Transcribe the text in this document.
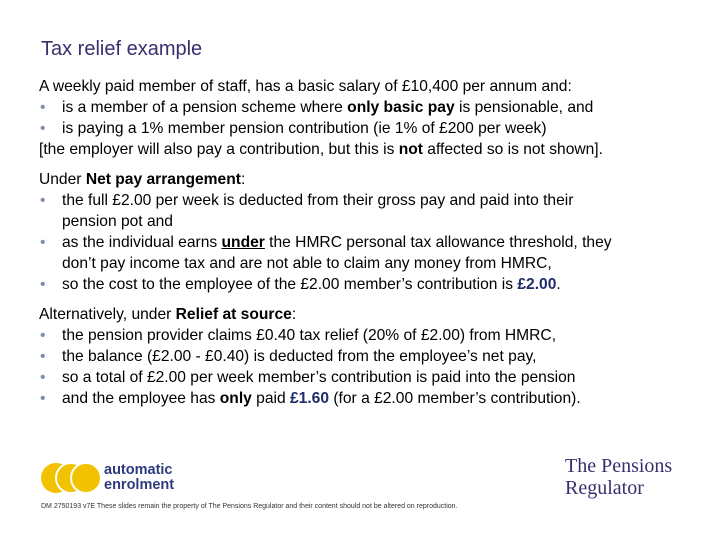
Tax relief example
A weekly paid member of staff, has a basic salary of £10,400 per annum and:
• is a member of a pension scheme where only basic pay is pensionable, and
• is paying a 1% member pension contribution (ie 1% of £200 per week)
[the employer will also pay a contribution, but this is not affected so is not shown].
Under Net pay arrangement:
• the full £2.00 per week is deducted from their gross pay and paid into their
pension pot and
• as the individual earns under the HMRC personal tax allowance threshold, they
don’t pay income tax and are not able to claim any money from HMRC,
• so the cost to the employee of the £2.00 member’s contribution is £2.00.
Alternatively, under Relief at source:
• the pension provider claims £0.40 tax relief (20% of £2.00) from HMRC,
• the balance (£2.00 - £0.40) is deducted from the employee’s net pay,
• so a total of £2.00 per week member’s contribution is paid into the pension
• and the employee has only paid £1.60 (for a £2.00 member’s contribution).
automatic
enrolment
The Pensions
Regulator
DM 2750193 v7E These slides remain the property of The Pensions Regulator and their content should not be altered on reproduction.
